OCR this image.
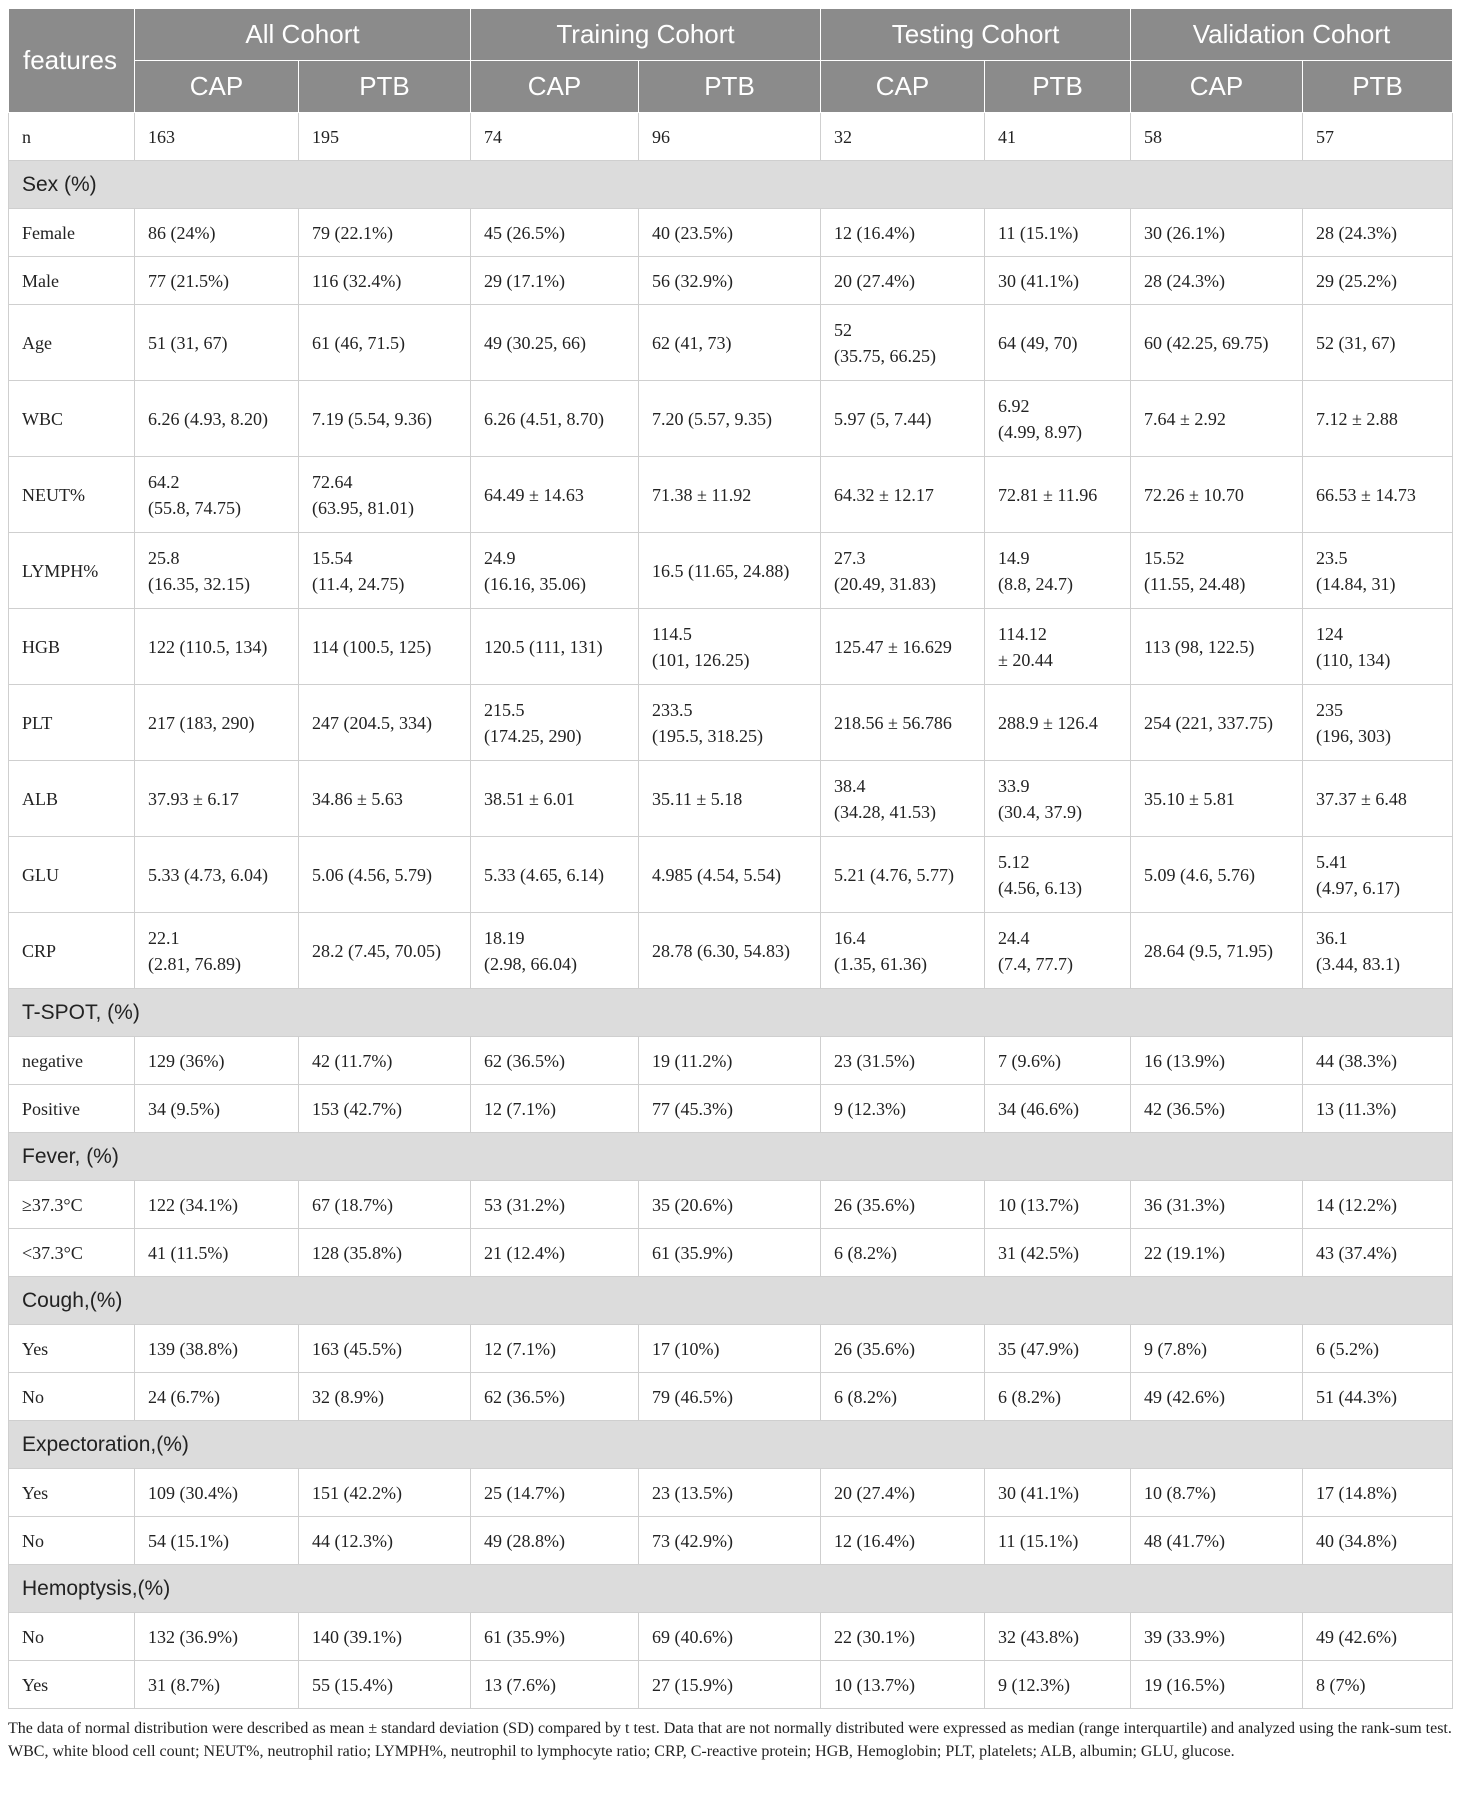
features	All Cohort		Training Cohort		Testing Cohort		Validation Cohort	
	CAP	PTB	CAP	PTB	CAP	PTB	CAP	PTB
n	163	195	74	96	32	41	58	57
Sex (%)								
Female	86 (24%)	79 (22.1%)	45 (26.5%)	40 (23.5%)	12 (16.4%)	11 (15.1%)	30 (26.1%)	28 (24.3%)
Male	77 (21.5%)	116 (32.4%)	29 (17.1%)	56 (32.9%)	20 (27.4%)	30 (41.1%)	28 (24.3%)	29 (25.2%)
Age	51 (31, 67)	61 (46, 71.5)	49 (30.25, 66)	62 (41, 73)	52
(35.75, 66.25)	64 (49, 70)	60 (42.25, 69.75)	52 (31, 67)
WBC	6.26 (4.93, 8.20)	7.19 (5.54, 9.36)	6.26 (4.51, 8.70)	7.20 (5.57, 9.35)	5.97 (5, 7.44)	6.92
(4.99, 8.97)	7.64 ± 2.92	7.12 ± 2.88
NEUT%	64.2
(55.8, 74.75)	72.64
(63.95, 81.01)	64.49 ± 14.63	71.38 ± 11.92	64.32 ± 12.17	72.81 ± 11.96	72.26 ± 10.70	66.53 ± 14.73
LYMPH%	25.8
(16.35, 32.15)	15.54
(11.4, 24.75)	24.9
(16.16, 35.06)	16.5 (11.65, 24.88)	27.3
(20.49, 31.83)	14.9
(8.8, 24.7)	15.52
(11.55, 24.48)	23.5
(14.84, 31)
HGB	122 (110.5, 134)	114 (100.5, 125)	120.5 (111, 131)	114.5
(101, 126.25)	125.47 ± 16.629	114.12
± 20.44	113 (98, 122.5)	124
(110, 134)
PLT	217 (183, 290)	247 (204.5, 334)	215.5
(174.25, 290)	233.5
(195.5, 318.25)	218.56 ± 56.786	288.9 ± 126.4	254 (221, 337.75)	235
(196, 303)
ALB	37.93 ± 6.17	34.86 ± 5.63	38.51 ± 6.01	35.11 ± 5.18	38.4
(34.28, 41.53)	33.9
(30.4, 37.9)	35.10 ± 5.81	37.37 ± 6.48
GLU	5.33 (4.73, 6.04)	5.06 (4.56, 5.79)	5.33 (4.65, 6.14)	4.985 (4.54, 5.54)	5.21 (4.76, 5.77)	5.12
(4.56, 6.13)	5.09 (4.6, 5.76)	5.41
(4.97, 6.17)
CRP	22.1
(2.81, 76.89)	28.2 (7.45, 70.05)	18.19
(2.98, 66.04)	28.78 (6.30, 54.83)	16.4
(1.35, 61.36)	24.4
(7.4, 77.7)	28.64 (9.5, 71.95)	36.1
(3.44, 83.1)
T-SPOT, (%)								
negative	129 (36%)	42 (11.7%)	62 (36.5%)	19 (11.2%)	23 (31.5%)	7 (9.6%)	16 (13.9%)	44 (38.3%)
Positive	34 (9.5%)	153 (42.7%)	12 (7.1%)	77 (45.3%)	9 (12.3%)	34 (46.6%)	42 (36.5%)	13 (11.3%)
Fever, (%)								
≥37.3°C	122 (34.1%)	67 (18.7%)	53 (31.2%)	35 (20.6%)	26 (35.6%)	10 (13.7%)	36 (31.3%)	14 (12.2%)
<37.3°C	41 (11.5%)	128 (35.8%)	21 (12.4%)	61 (35.9%)	6 (8.2%)	31 (42.5%)	22 (19.1%)	43 (37.4%)
Cough,(%)								
Yes	139 (38.8%)	163 (45.5%)	12 (7.1%)	17 (10%)	26 (35.6%)	35 (47.9%)	9 (7.8%)	6 (5.2%)
No	24 (6.7%)	32 (8.9%)	62 (36.5%)	79 (46.5%)	6 (8.2%)	6 (8.2%)	49 (42.6%)	51 (44.3%)
Expectoration,(%)								
Yes	109 (30.4%)	151 (42.2%)	25 (14.7%)	23 (13.5%)	20 (27.4%)	30 (41.1%)	10 (8.7%)	17 (14.8%)
No	54 (15.1%)	44 (12.3%)	49 (28.8%)	73 (42.9%)	12 (16.4%)	11 (15.1%)	48 (41.7%)	40 (34.8%)
Hemoptysis,(%)								
No	132 (36.9%)	140 (39.1%)	61 (35.9%)	69 (40.6%)	22 (30.1%)	32 (43.8%)	39 (33.9%)	49 (42.6%)
Yes	31 (8.7%)	55 (15.4%)	13 (7.6%)	27 (15.9%)	10 (13.7%)	9 (12.3%)	19 (16.5%)	8 (7%)
The data of normal distribution were described as mean ± standard deviation (SD) compared by t test. Data that are not normally distributed were expressed as median (range interquartile) and analyzed using the rank-sum test.
WBC, white blood cell count; NEUT%, neutrophil ratio; LYMPH%, neutrophil to lymphocyte ratio; CRP, C-reactive protein; HGB, Hemoglobin; PLT, platelets; ALB, albumin; GLU, glucose.
